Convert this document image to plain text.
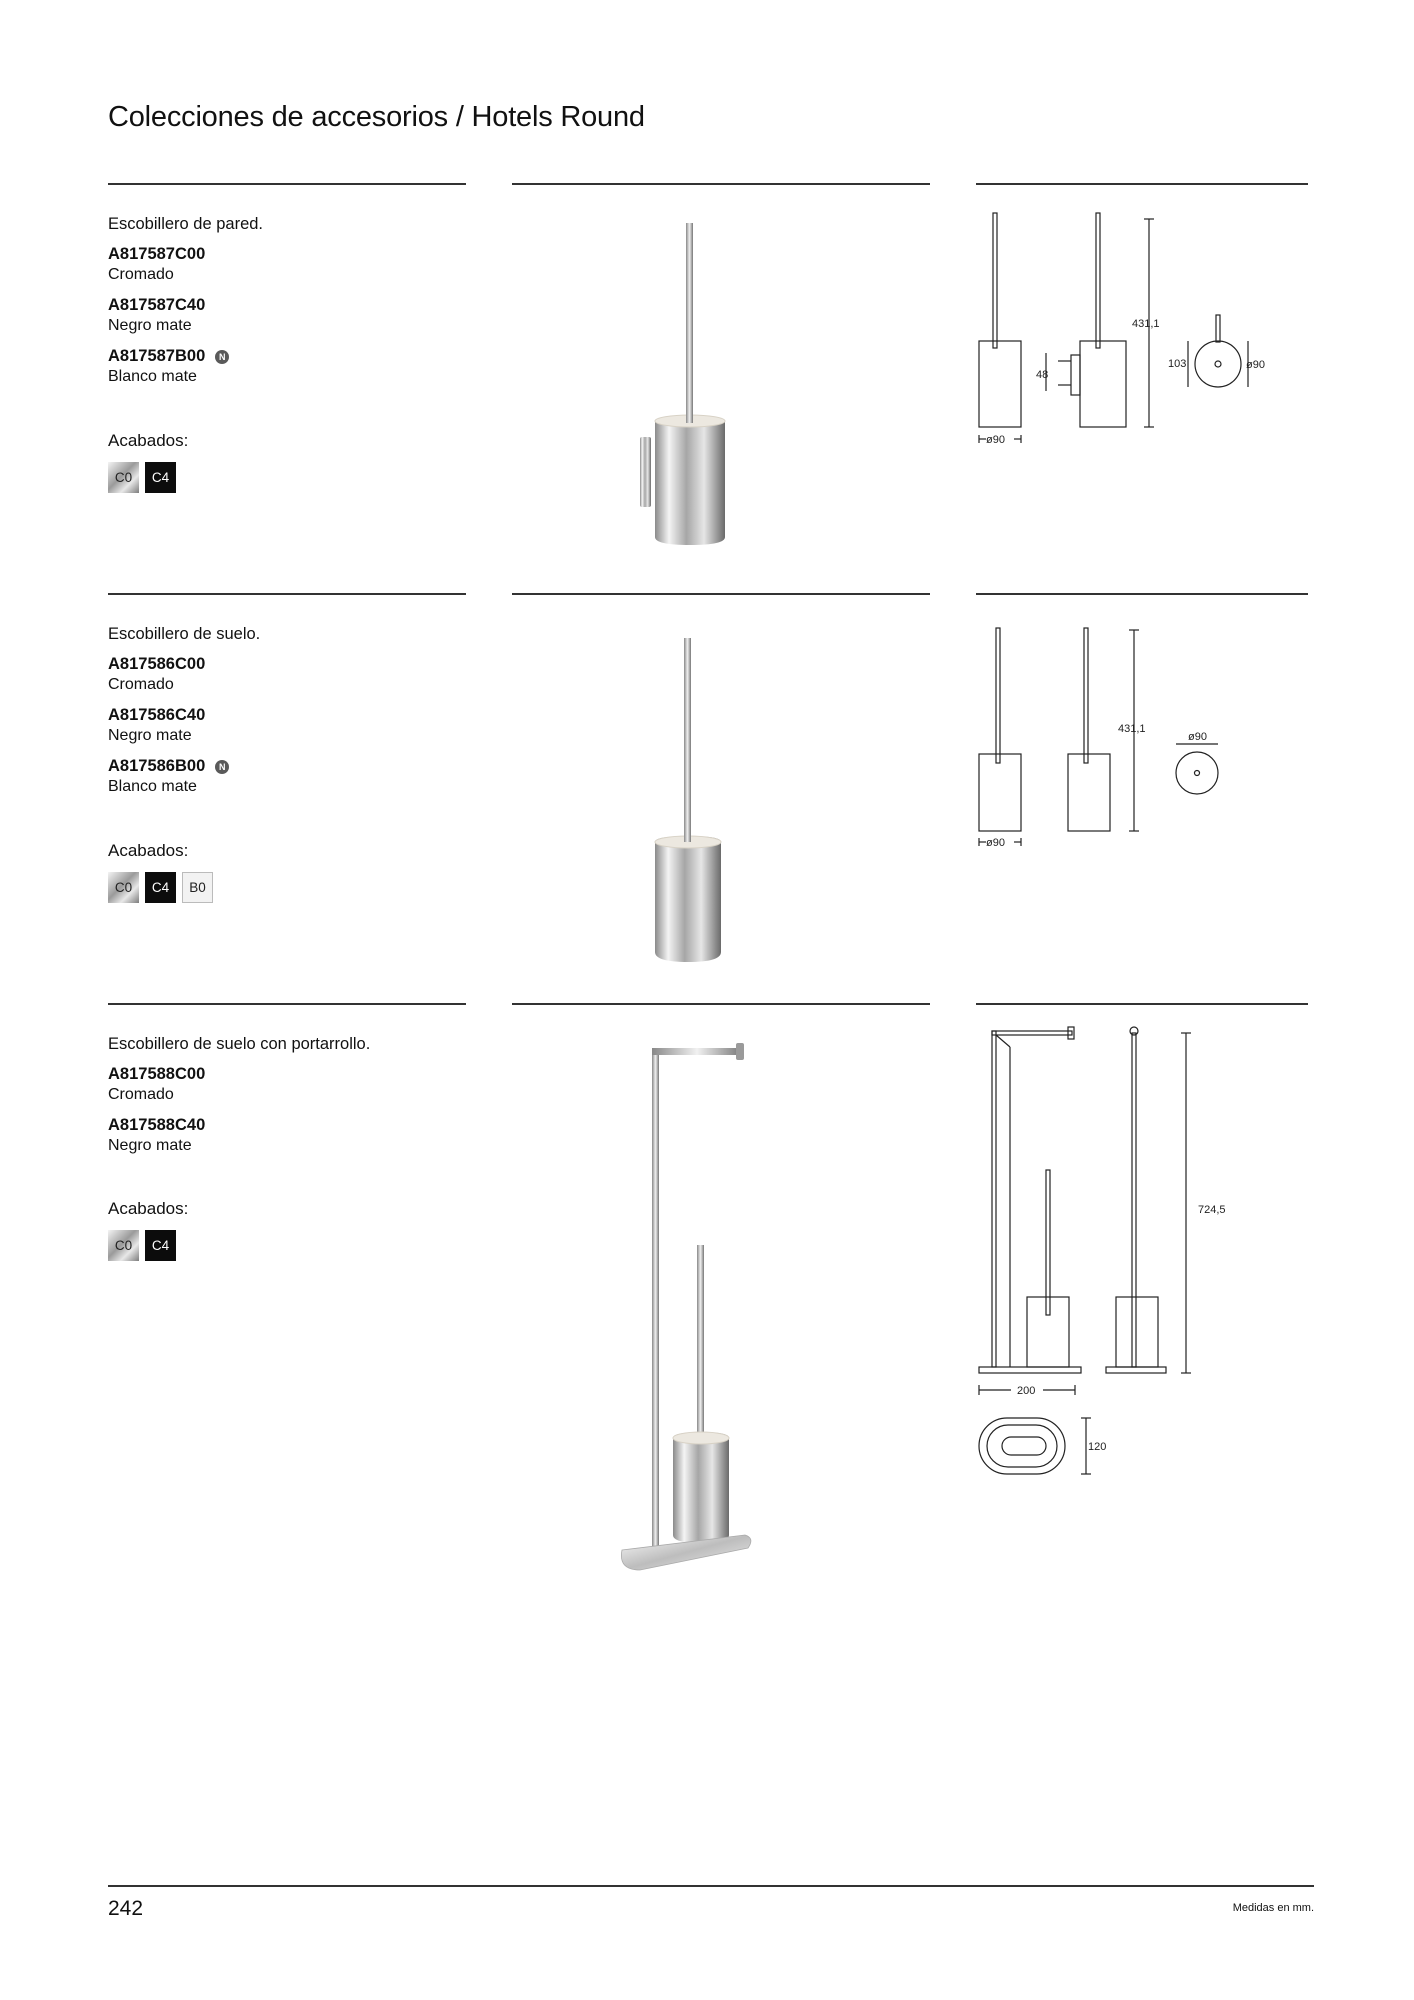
Colecciones de accesorios / Hotels Round
Escobillero de pared.
A817587C00
Cromado
A817587C40
Negro mate
A817587B00	N
Blanco mate
Acabados:
C0	C4
431,1
ø90
48
103	ø90
Escobillero de suelo.
A817586C00
Cromado
A817586C40
Negro mate
A817586B00	N
Blanco mate
Acabados:
C0	C4	B0
431,1
ø90
ø90
Escobillero de suelo con portarrollo.
A817588C00
Cromado
A817588C40
Negro mate
Acabados:
C0	C4
724,5
200
120
242	Medidas en mm.
